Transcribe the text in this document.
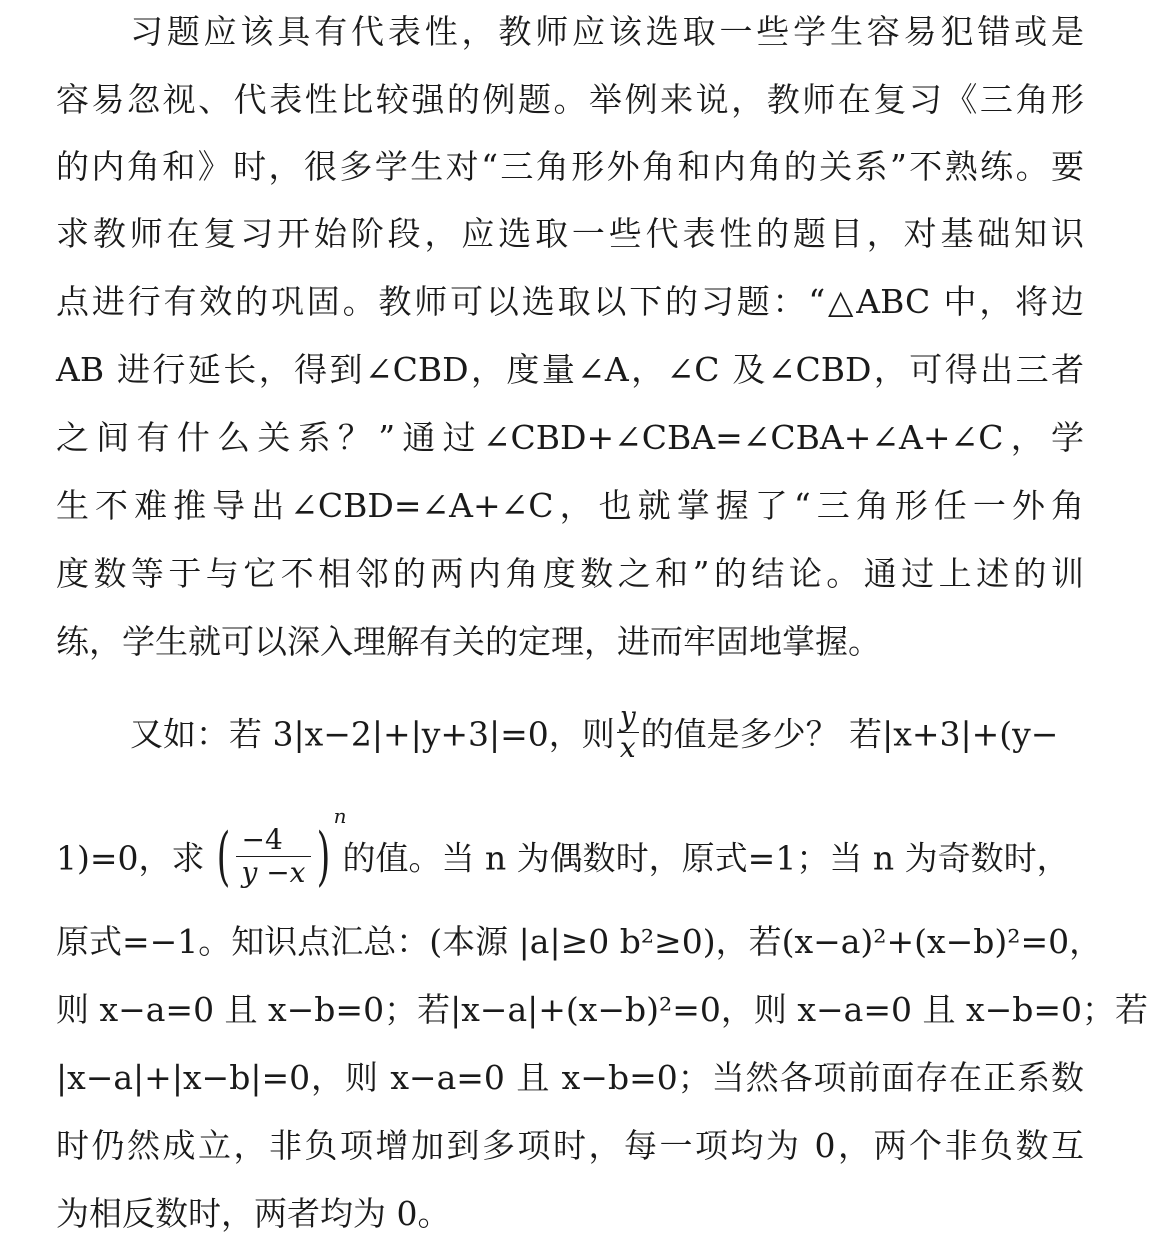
习题应该具有代表性，教师应该选取一些学生容易犯错或是
容易忽视、代表性比较强的例题。举例来说，教师在复习《三角形
的内角和》时，很多学生对“三角形外角和内角的关系”不熟练。要
求教师在复习开始阶段，应选取一些代表性的题目，对基础知识
点进行有效的巩固。教师可以选取以下的习题：“△ABC 中，将边
AB 进行延长，得到∠CBD，度量∠A，∠C 及∠CBD，可得出三者
之间有什么关系？”通过∠CBD+∠CBA=∠CBA+∠A+∠C，学
生不难推导出∠CBD=∠A+∠C，也就掌握了“三角形任一外角
度数等于与它不相邻的两内角度数之和”的结论。通过上述的训
练，学生就可以深入理解有关的定理，进而牢固地掌握。
又如：若 3|x−2|+|y+3|=0，则 $\frac{y}{x}$ 的值是多少？ 若|x+3|+(y−
1)=0，求 ( $\frac{-4}{y -x}$ )
n
的值。当 n 为偶数时，原式=1；当 n 为奇数时，
原式=−1。知识点汇总：(本源 |a|≥0 b²≥0)，若(x−a)²+(x−b)²=0，
则 x−a=0 且 x−b=0；若|x−a|+(x−b)²=0，则 x−a=0 且 x−b=0；若
|x−a|+|x−b|=0，则 x−a=0 且 x−b=0；当然各项前面存在正系数
时仍然成立，非负项增加到多项时，每一项均为 0，两个非负数互
为相反数时，两者均为 0。
